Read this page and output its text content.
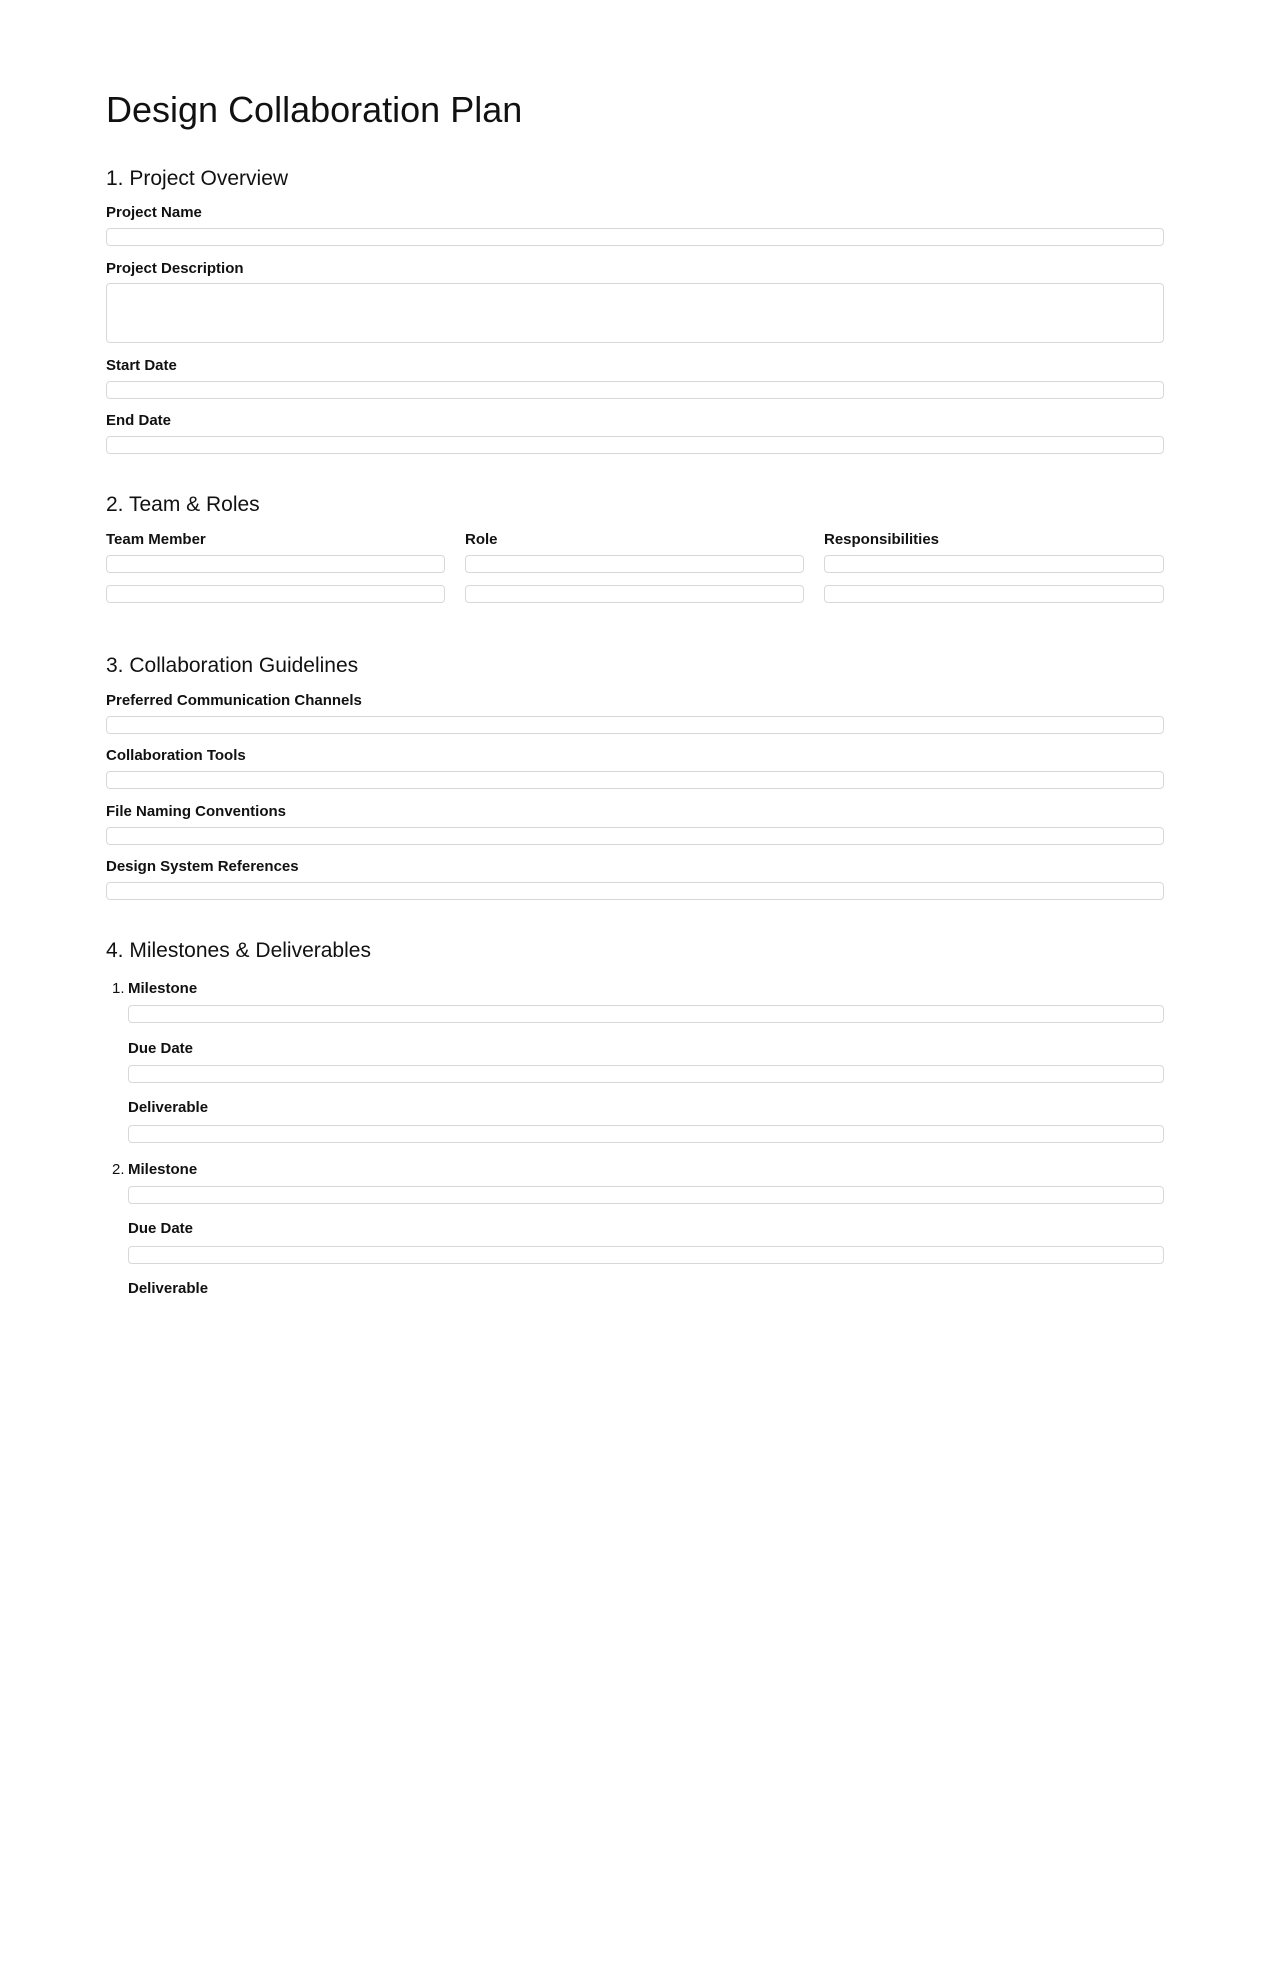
Design Collaboration Plan
1. Project Overview
Project Name
Project Description
Start Date
End Date
2. Team & Roles
Team Member	Role	Responsibilities
3. Collaboration Guidelines
Preferred Communication Channels
Collaboration Tools
File Naming Conventions
Design System References
4. Milestones & Deliverables
1. Milestone
Due Date
Deliverable
2. Milestone
Due Date
Deliverable
